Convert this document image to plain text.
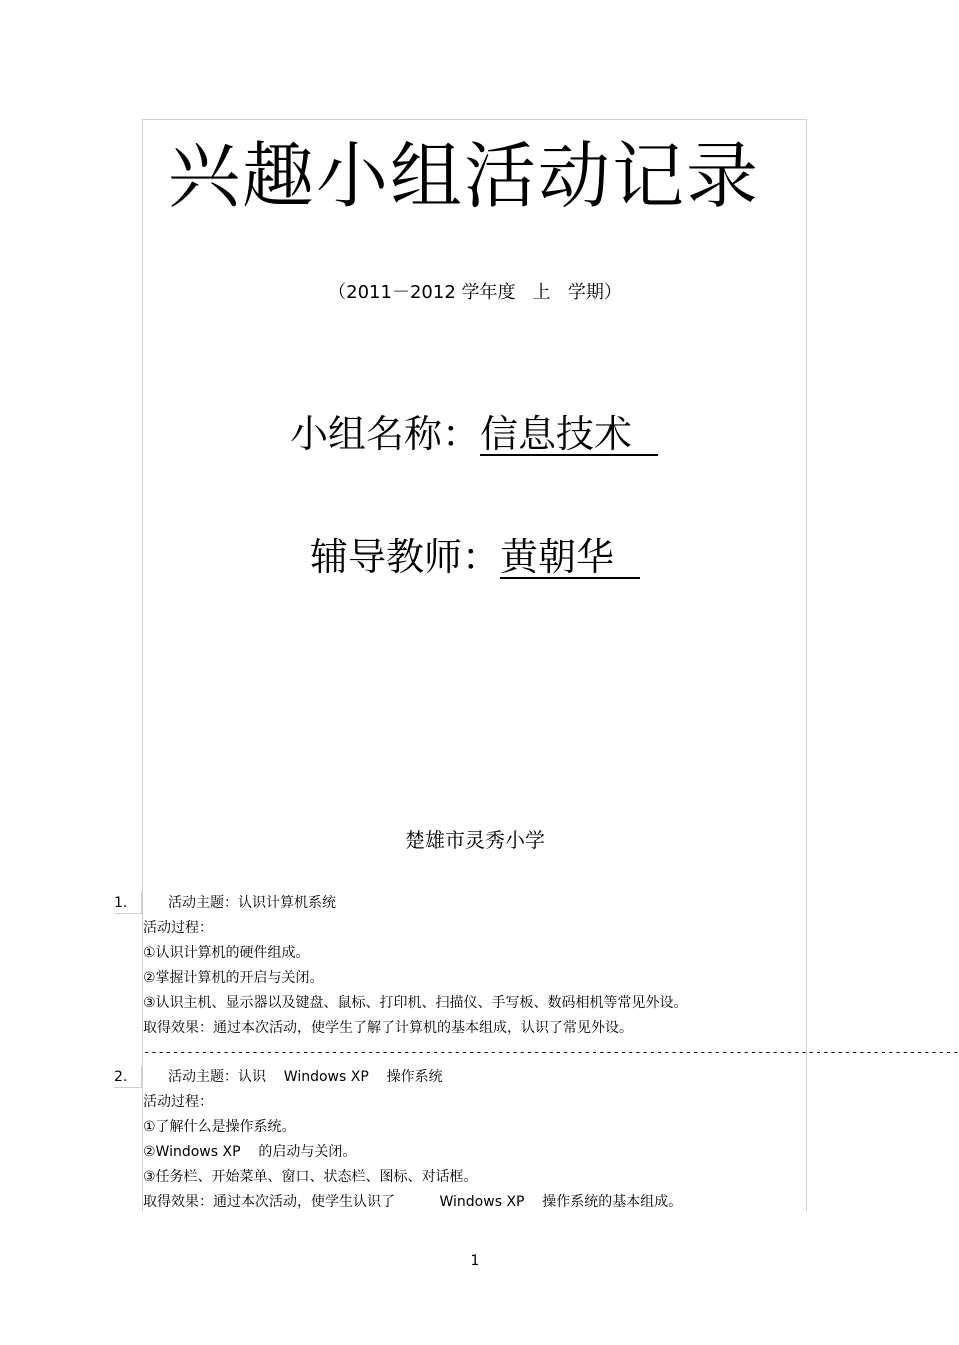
兴趣小组活动记录
（2011－2012 学年度   上   学期）
小组名称：信息技术
辅导教师：黄朝华
楚雄市灵秀小学
1.	活动主题：认识计算机系统
活动过程：
①认识计算机的硬件组成。
②掌握计算机的开启与关闭。
③认识主机、显示器以及键盘、鼠标、打印机、扫描仪、手写板、数码相机等常见外设。
取得效果：通过本次活动，使学生了解了计算机的基本组成，认识了常见外设。
-----------------------------------------------------------------------------------------------------------------
2.	活动主题：认识    Windows XP    操作系统
活动过程：
①了解什么是操作系统。
②Windows XP    的启动与关闭。
③任务栏、开始菜单、窗口、状态栏、图标、对话框。
取得效果：通过本次活动，使学生认识了          Windows XP    操作系统的基本组成。
1
